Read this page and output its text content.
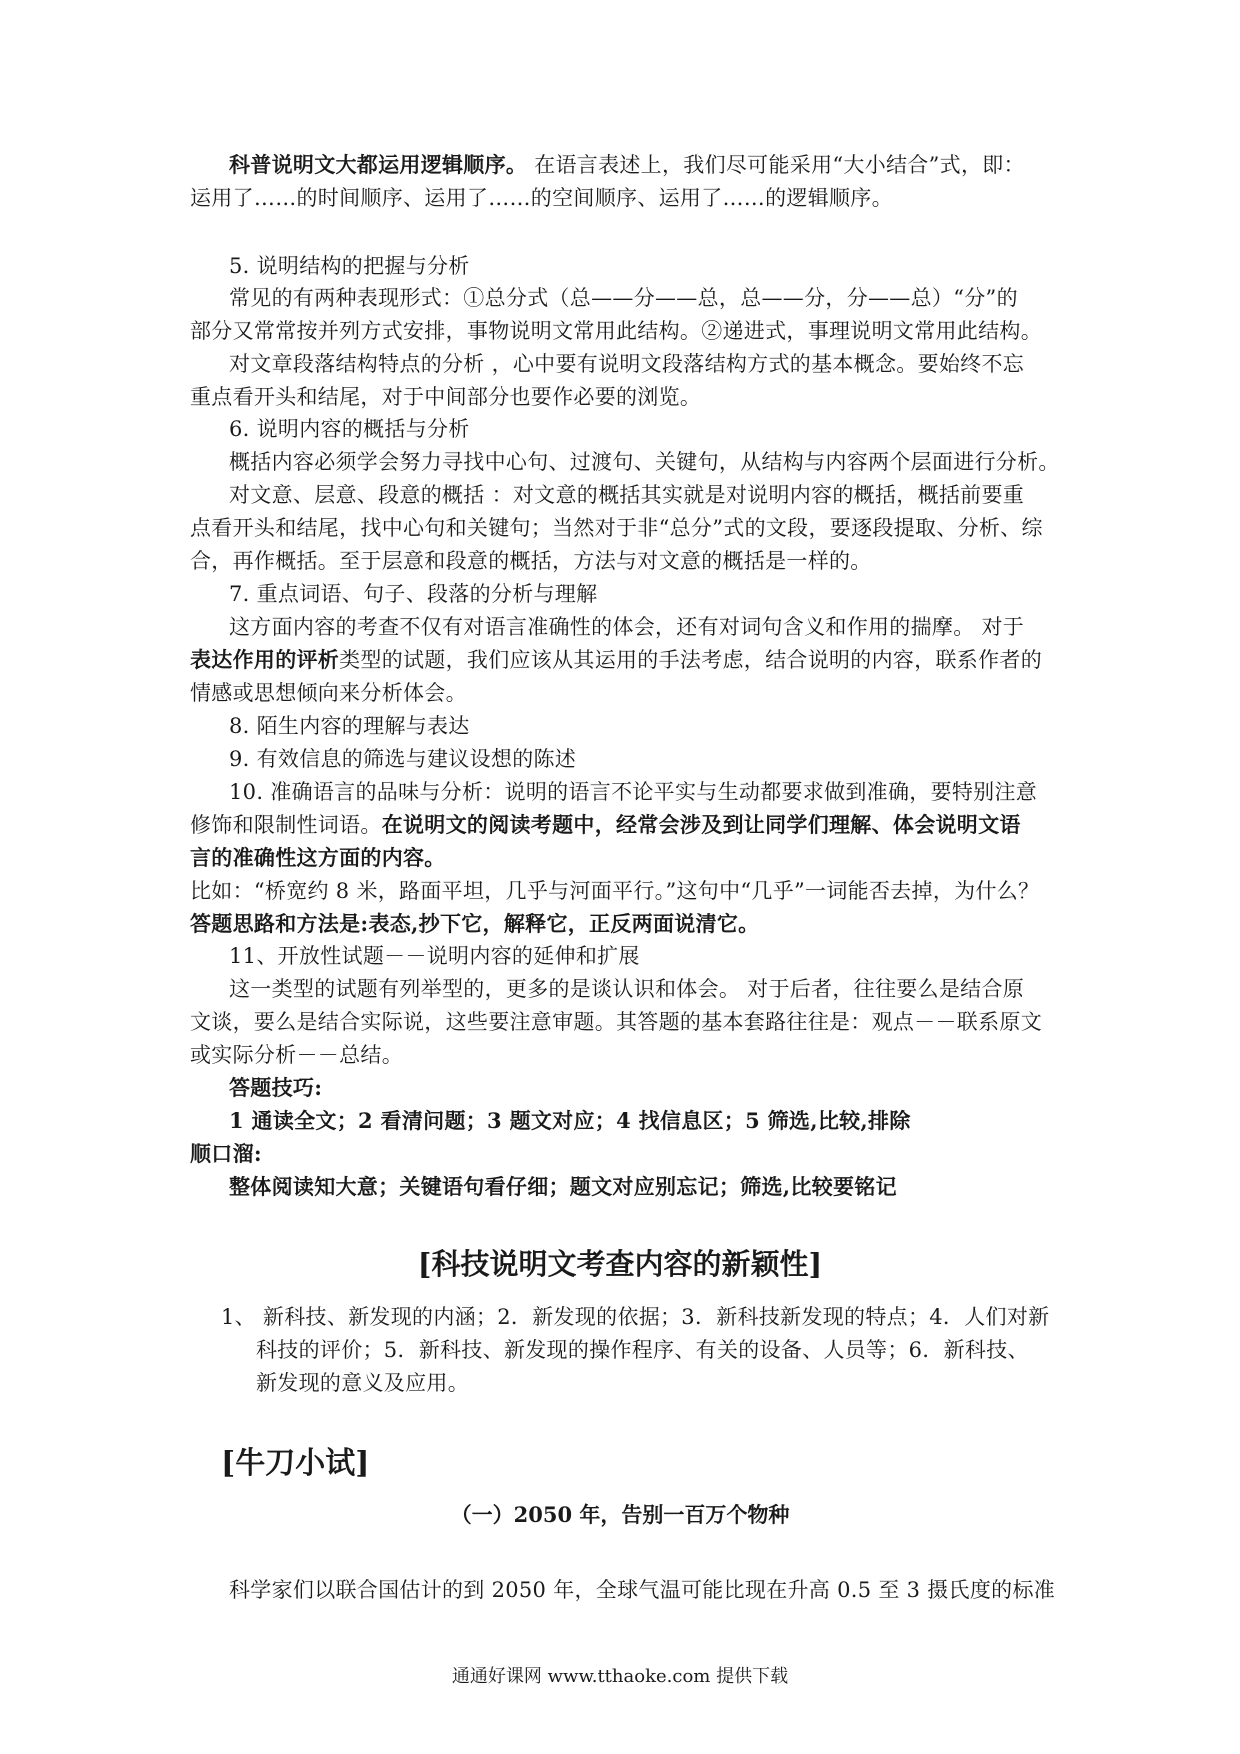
科普说明文大都运用逻辑顺序。 在语言表述上，我们尽可能采用“大小结合”式，即：
运用了……的时间顺序、运用了……的空间顺序、运用了……的逻辑顺序。
5. 说明结构的把握与分析
常见的有两种表现形式：①总分式（总——分——总，总——分，分——总）“分”的
部分又常常按并列方式安排，事物说明文常用此结构。②递进式，事理说明文常用此结构。
对文章段落结构特点的分析 ，心中要有说明文段落结构方式的基本概念。要始终不忘
重点看开头和结尾，对于中间部分也要作必要的浏览。
6. 说明内容的概括与分析
概括内容必须学会努力寻找中心句、过渡句、关键句，从结构与内容两个层面进行分析。
对文意、层意、段意的概括 ：对文意的概括其实就是对说明内容的概括，概括前要重
点看开头和结尾，找中心句和关键句；当然对于非“总分”式的文段，要逐段提取、分析、综
合，再作概括。至于层意和段意的概括，方法与对文意的概括是一样的。
7. 重点词语、句子、段落的分析与理解
这方面内容的考查不仅有对语言准确性的体会，还有对词句含义和作用的揣摩。 对于
表达作用的评析类型的试题，我们应该从其运用的手法考虑，结合说明的内容，联系作者的
情感或思想倾向来分析体会。
8. 陌生内容的理解与表达
9. 有效信息的筛选与建议设想的陈述
10. 准确语言的品味与分析：说明的语言不论平实与生动都要求做到准确，要特别注意
修饰和限制性词语。在说明文的阅读考题中，经常会涉及到让同学们理解、体会说明文语
言的准确性这方面的内容。
比如：“桥宽约 8 米，路面平坦，几乎与河面平行。”这句中“几乎”一词能否去掉，为什么？
答题思路和方法是:表态,抄下它，解释它，正反两面说清它。
11、开放性试题－－说明内容的延伸和扩展
这一类型的试题有列举型的，更多的是谈认识和体会。 对于后者，往往要么是结合原
文谈，要么是结合实际说，这些要注意审题。其答题的基本套路往往是：观点－－联系原文
或实际分析－－总结。
答题技巧:
1 通读全文；2 看清问题；3 题文对应；4 找信息区；5 筛选,比较,排除
顺口溜:
整体阅读知大意；关键语句看仔细；题文对应别忘记；筛选,比较要铭记
[科技说明文考查内容的新颖性]
1、 新科技、新发现的内涵；2．新发现的依据；3．新科技新发现的特点；4．人们对新
科技的评价；5．新科技、新发现的操作程序、有关的设备、人员等；6．新科技、
新发现的意义及应用。
[牛刀小试]
（一）2050 年，告别一百万个物种
科学家们以联合国估计的到 2050 年，全球气温可能比现在升高 0.5 至 3 摄氏度的标准
通通好课网 www.tthaoke.com 提供下载
